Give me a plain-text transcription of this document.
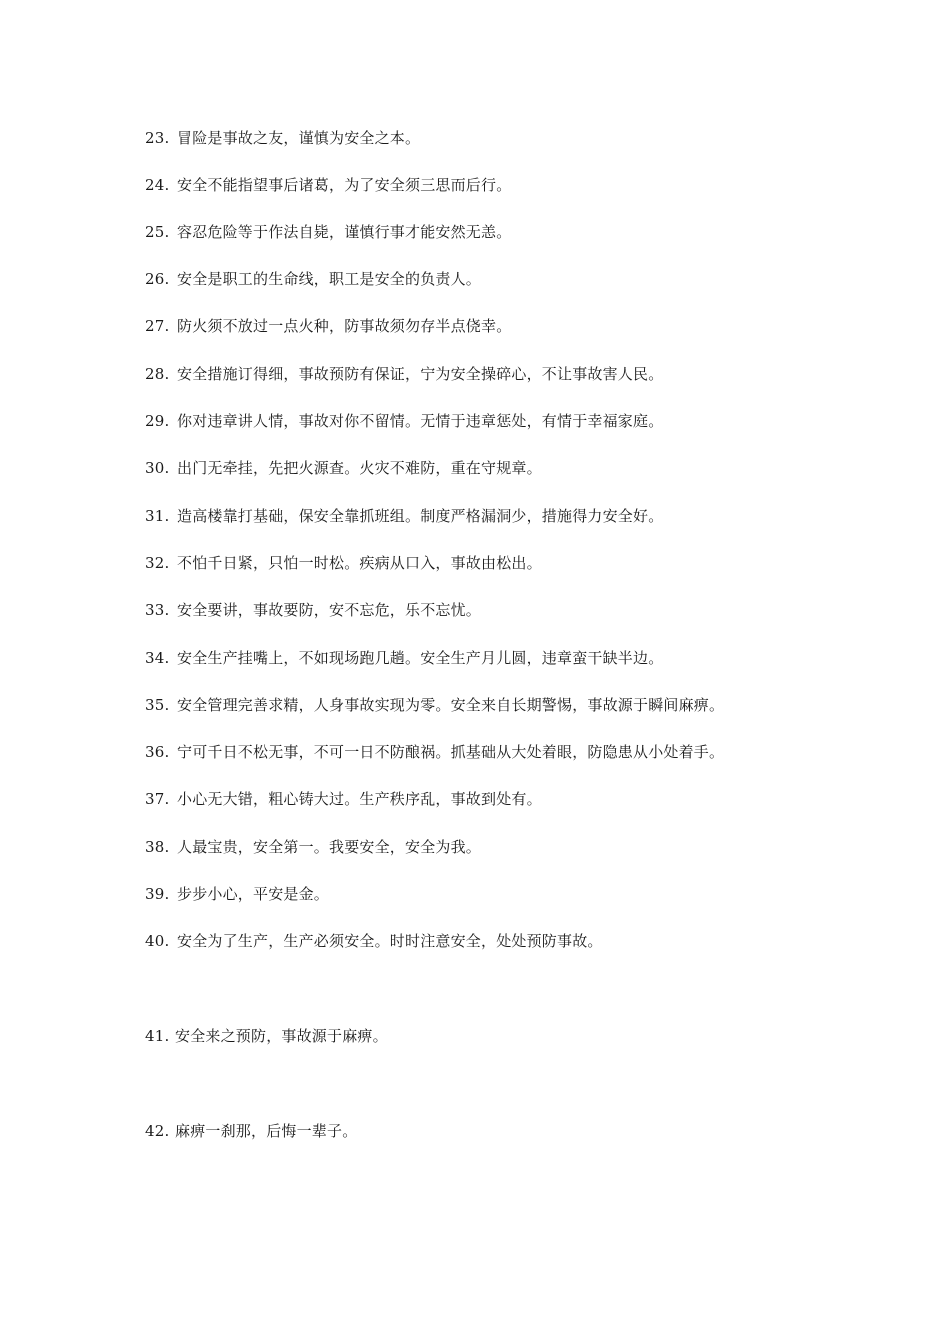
23. 冒险是事故之友，谨慎为安全之本。
24. 安全不能指望事后诸葛，为了安全须三思而后行。
25. 容忍危险等于作法自毙，谨慎行事才能安然无恙。
26. 安全是职工的生命线，职工是安全的负责人。
27. 防火须不放过一点火种，防事故须勿存半点侥幸。
28. 安全措施订得细，事故预防有保证，宁为安全操碎心，不让事故害人民。
29. 你对违章讲人情，事故对你不留情。无情于违章惩处，有情于幸福家庭。
30. 出门无牵挂，先把火源查。火灾不难防，重在守规章。
31. 造高楼靠打基础，保安全靠抓班组。制度严格漏洞少，措施得力安全好。
32. 不怕千日紧，只怕一时松。疾病从口入，事故由松出。
33. 安全要讲，事故要防，安不忘危，乐不忘忧。
34. 安全生产挂嘴上，不如现场跑几趟。安全生产月儿圆，违章蛮干缺半边。
35. 安全管理完善求精，人身事故实现为零。安全来自长期警惕，事故源于瞬间麻痹。
36. 宁可千日不松无事，不可一日不防酿祸。抓基础从大处着眼，防隐患从小处着手。
37. 小心无大错，粗心铸大过。生产秩序乱，事故到处有。
38. 人最宝贵，安全第一。我要安全，安全为我。
39. 步步小心，平安是金。
40. 安全为了生产，生产必须安全。时时注意安全，处处预防事故。
41. 安全来之预防，事故源于麻痹。
42. 麻痹一刹那，后悔一辈子。
